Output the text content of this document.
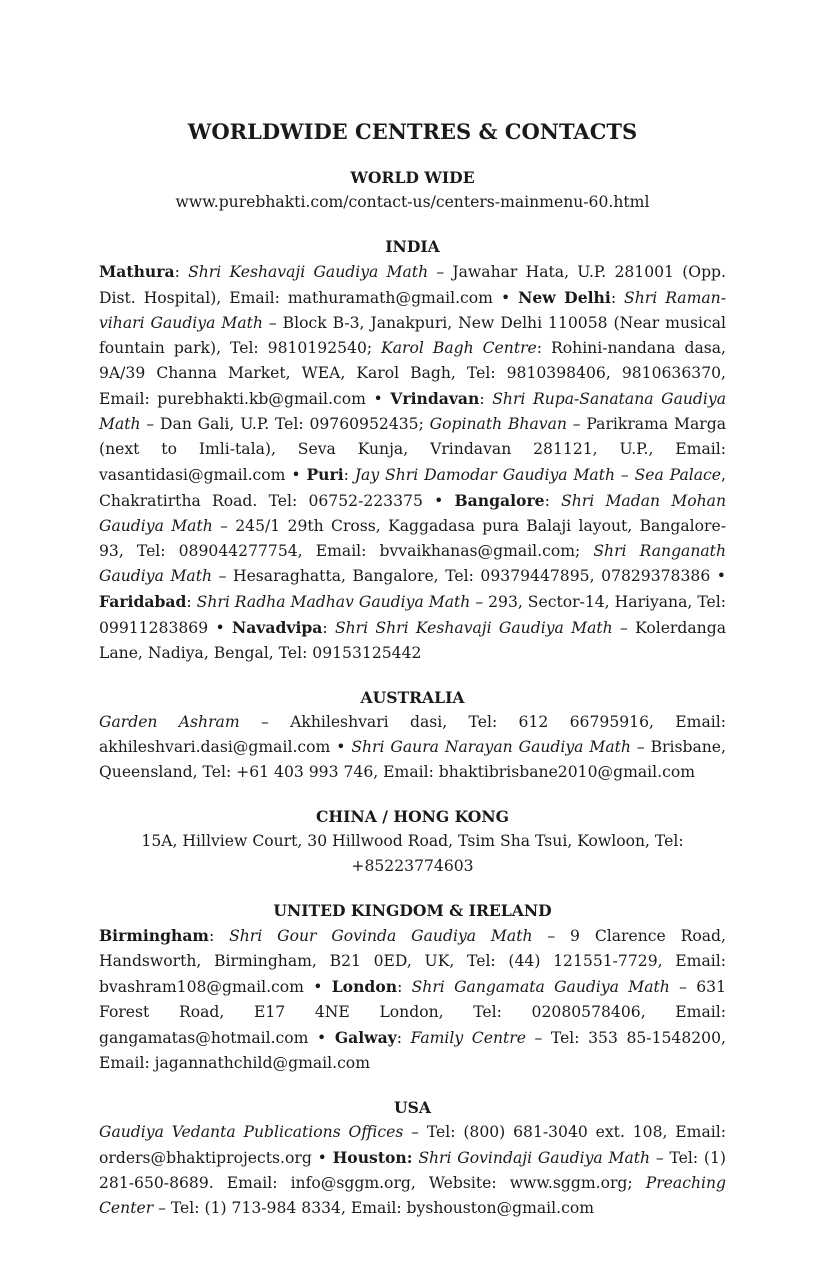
WORLDWIDE CENTRES & CONTACTS
WORLD WIDE
www.purebhakti.com/contact-us/centers-mainmenu-60.html
INDIA
Mathura: Shri Keshavaji Gaudiya Math – Jawahar Hata, U.P. 281001 (Opp. Dist. Hospital), Email: mathuramath@gmail.com • New Delhi: Shri Raman-vihari Gaudiya Math – Block B-3, Janakpuri, New Delhi 110058 (Near musical fountain park), Tel: 9810192540; Karol Bagh Centre: Rohini-nandana dasa, 9A/39 Channa Market, WEA, Karol Bagh, Tel: 9810398406, 9810636370, Email: purebhakti.kb@gmail.com • Vrindavan: Shri Rupa-Sanatana Gaudiya Math – Dan Gali, U.P. Tel: 09760952435; Gopinath Bhavan – Parikrama Marga (next to Imli-tala), Seva Kunja, Vrindavan 281121, U.P., Email: vasantidasi@gmail.com • Puri: Jay Shri Damodar Gaudiya Math – Sea Palace, Chakratirtha Road. Tel: 06752-223375 • Bangalore: Shri Madan Mohan Gaudiya Math – 245/1 29th Cross, Kaggadasa pura Balaji layout, Bangalore-93, Tel: 089044277754, Email: bvvaikhanas@gmail.com; Shri Ranganath Gaudiya Math – Hesaraghatta, Bangalore, Tel: 09379447895, 07829378386 • Faridabad: Shri Radha Madhav Gaudiya Math – 293, Sector-14, Hariyana, Tel: 09911283869 • Navadvipa: Shri Shri Keshavaji Gaudiya Math – Kolerdanga Lane, Nadiya, Bengal, Tel: 09153125442
AUSTRALIA
Garden Ashram – Akhileshvari dasi, Tel: 612 66795916, Email: akhileshvari.dasi@gmail.com • Shri Gaura Narayan Gaudiya Math – Brisbane, Queensland, Tel: +61 403 993 746, Email: bhaktibrisbane2010@gmail.com
CHINA / HONG KONG
15A, Hillview Court, 30 Hillwood Road, Tsim Sha Tsui, Kowloon, Tel: +85223774603
UNITED KINGDOM & IRELAND
Birmingham: Shri Gour Govinda Gaudiya Math – 9 Clarence Road, Handsworth, Birmingham, B21 0ED, UK, Tel: (44) 121551-7729, Email: bvashram108@gmail.com • London: Shri Gangamata Gaudiya Math – 631 Forest Road, E17 4NE London, Tel: 02080578406, Email: gangamatas@hotmail.com • Galway: Family Centre – Tel: 353 85-1548200, Email: jagannathchild@gmail.com
USA
Gaudiya Vedanta Publications Offices – Tel: (800) 681-3040 ext. 108, Email: orders@bhaktiprojects.org • Houston: Shri Govindaji Gaudiya Math – Tel: (1) 281-650-8689. Email: info@sggm.org, Website: www.sggm.org; Preaching Center – Tel: (1) 713-984 8334, Email: byshouston@gmail.com
